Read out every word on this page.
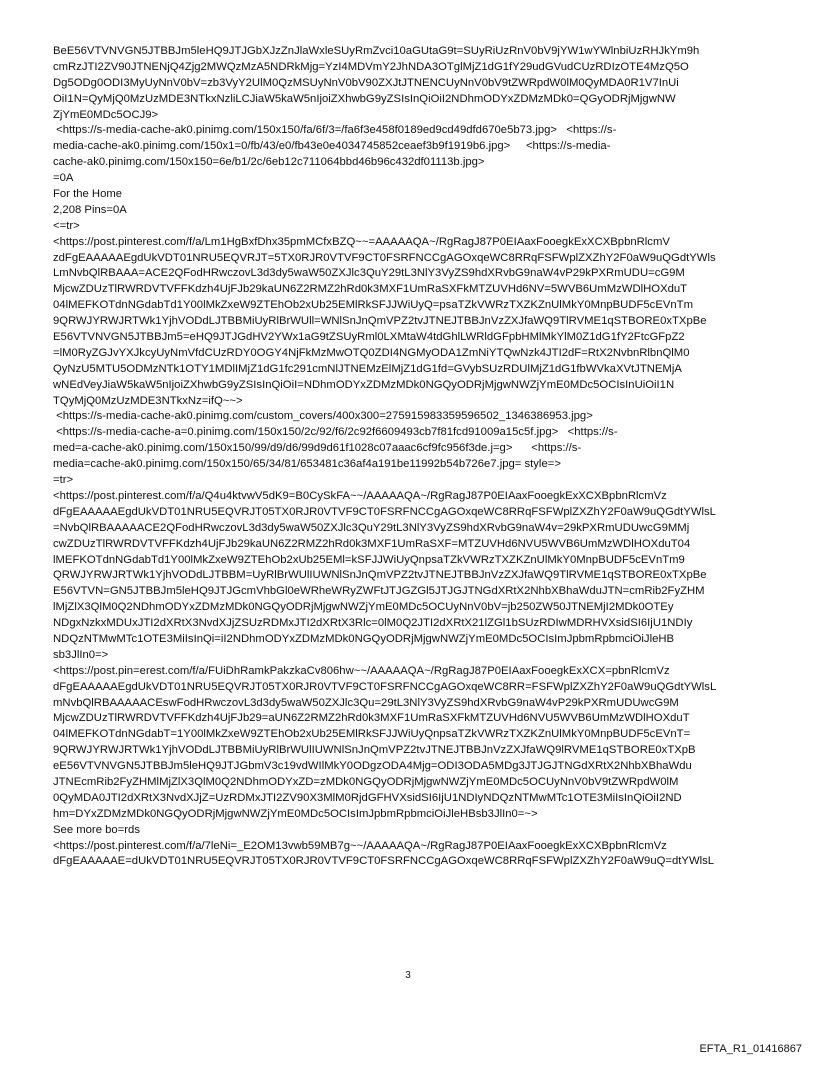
BeE56VTVNVGN5JTBBJm5leHQ9JTJGbXJzZnJlaWxleSUyRmZvci10aGUtaG9t=SUyRiUzRnV0bV9jYW1wYWlnbiUzRHJkYm9h
cmRzJTI2ZV90JTNENjQ4Zjg2MWQzMzA5NDRkMjg=YzI4MDVmY2JhNDA3OTglMjZ1dG1fY29udGVudCUzRDIzOTE4MzQ5O
Dg5ODg0ODI3MyUyNnV0bV=zb3VyY2UlM0QzMSUyNnV0bV90ZXJtJTNENCUyNnV0bV9tZWRpdW0lM0QyMDA0R1V7InUi
OiI1N=QyMjQ0MzUzMDE3NTkxNzliLCJiaW5kaW5nIjoiZXhwbG9yZSIsInQiOiI2NDhmODYxZDMzMDk0=QGyODRjMjgwNW
ZjYmE0MDc5OCJ9>
<https://s-media-cache-ak0.pinimg.com/150x150/fa/6f/3=/fa6f3e458f0189ed9cd49dfd670e5b73.jpg>   <https://s-
media-cache-ak0.pinimg.com/150x1=0/fb/43/e0/fb43e0e4034745852ceaef3b9f1919b6.jpg>     <https://s-media-
cache-ak0.pinimg.com/150x150=6e/b1/2c/6eb12c711064bbd46b96c432df01113b.jpg>
=0A
For the Home
2,208 Pins=0A
<=tr>
<https://post.pinterest.com/f/a/Lm1HgBxfDhx35pmMCfxBZQ~~=AAAAAQA~/RgRagJ87P0EIAaxFooegkExXCXBpbnRlcmV
zdFgEAAAAAEgdUkVDT01NRU5EQVRJT=5TX0RJR0VTVF9CT0FSRFNCCgAGOxqeWC8RRqFSFWplZXZhY2F0aW9uQGdtYWls
LmNvbQlRBAAA=ACE2QFodHRwczovL3d3dy5waW50ZXJlc3QuY29tL3NlY3VyZS9hdXRvbG9naW4vP29kPXRmUDU=cG9M
MjcwZDUzTlRWRDVTVFFKdzh4UjFJb29kaUN6Z2RMZ2hRd0k3MXF1UmRaSXFkMTZUVHd6NV=5WVB6UmMzWDlHOXduT
04lMEFKOTdnNGdabTd1Y00lMkZxeW9ZTEhOb2xUb25EMlRkSFJJWiUyQ=psaTZkVWRzTXZKZnUlMkY0MnpBUDF5cEVnTm
9QRWJYRWJRTWk1YjhVODdLJTBBMiUyRlBrWUll=WNlSnJnQmVPZ2tvJTNEJTBBJnVzZXJfaWQ9TlRVME1qSTBORE0xTXpBe
E56VTVNVGN5JTBBJm5=eHQ9JTJGdHV2YWx1aG9tZSUyRml0LXMtaW4tdGhlLWRldGFpbHMlMkYlM0Z1dG1fY2FtcGFpZ2
=lM0RyZGJvYXJkcyUyNmVfdCUzRDY0OGY4NjFkMzMwOTQ0ZDI4NGMyODA1ZmNiYTQwNzk4JTI2dF=RtX2NvbnRlbnQlM0
QyNzU5MTU5ODMzNTk1OTY1MDlIMjZ1dG1fc291cmNlJTNEMzElMjZ1dG1fd=GVybSUzRDUlMjZ1dG1fbWVkaXVtJTNEMjA
wNEdVeyJiaW5kaW5nIjoiZXhwbG9yZSIsInQiOiI=NDhmODYxZDMzMDk0NGQyODRjMjgwNWZjYmE0MDc5OCIsInUiOiI1N
TQyMjQ0MzUzMDE3NTkxNz=ifQ~~>
<https://s-media-cache-ak0.pinimg.com/custom_covers/400x300=275915983359596502_1346386953.jpg>
<https://s-media-cache-a=0.pinimg.com/150x150/2c/92/f6/2c92f6609493cb7f81fcd91009a15c5f.jpg>   <https://s-
med=a-cache-ak0.pinimg.com/150x150/99/d9/d6/99d9d61f1028c07aaac6cf9fc956f3de.j=g>      <https://s-
media=cache-ak0.pinimg.com/150x150/65/34/81/653481c36af4a191be11992b54b726e7.jpg= style=>
=tr>
<https://post.pinterest.com/f/a/Q4u4ktvwV5dK9=B0CySkFA~~/AAAAAQA~/RgRagJ87P0EIAaxFooegkExXCXBpbnRlcmVz
dFgEAAAAAEgdUkVDT01NRU5EQVRJT05TX0RJR0VTVF9CT0FSRFNCCgAGOxqeWC8RRqFSFWplZXZhY2F0aW9uQGdtYWlsL
=NvbQlRBAAAAACE2QFodHRwczovL3d3dy5waW50ZXJlc3QuY29tL3NlY3VyZS9hdXRvbG9naW4v=29kPXRmUDUwcG9MMj
cwZDUzTlRWRDVTVFFKdzh4UjFJb29kaUN6Z2RMZ2hRd0k3MXF1UmRaSXF=MTZUVHd6NVU5WVB6UmMzWDlHOXduT04
lMEFKOTdnNGdabTd1Y00lMkZxeW9ZTEhOb2xUb25EMl=kSFJJWiUyQnpsaTZkVWRzTXZKZnUlMkY0MnpBUDF5cEVnTm9
QRWJYRWJRTWk1YjhVODdLJTBBM=UyRlBrWUlIUWNlSnJnQmVPZ2tvJTNEJTBBJnVzZXJfaWQ9TlRVME1qSTBORE0xTXpBe
E56VTVN=GN5JTBBJm5leHQ9JTJGcmVhbGl0eWRheWRyZWFtJTJGZGl5JTJGJTNGdXRtX2NhbXBhaWduJTN=cmRib2FyZHM
lMjZlX3QlM0Q2NDhmODYxZDMzMDk0NGQyODRjMjgwNWZjYmE0MDc5OCUyNnV0bV=jb250ZW50JTNEMjI2MDk0OTEy
NDgxNzkxMDUxJTI2dXRtX3NvdXJjZSUzRDMxJTI2dXRtX3Rlc=0lM0Q2JTI2dXRtX21lZGl1bSUzRDIwMDRHVXsidSI6IjU1NDIy
NDQzNTMwMTc1OTE3MiIsInQi=iI2NDhmODYxZDMzMDk0NGQyODRjMjgwNWZjYmE0MDc5OCIsImJpbmRpbmciOiJleHB
sb3JlIn0=>
<https://post.pin=erest.com/f/a/FUiDhRamkPakzkaCv806hw~~/AAAAAQA~/RgRagJ87P0EIAaxFooegkExXCX=pbnRlcmVz
dFgEAAAAAEgdUkVDT01NRU5EQVRJT05TX0RJR0VTVF9CT0FSRFNCCgAGOxqeWC8RR=FSFWplZXZhY2F0aW9uQGdtYWlsL
mNvbQlRBAAAAACEswFodHRwczovL3d3dy5waW50ZXJlc3Qu=29tL3NlY3VyZS9hdXRvbG9naW4vP29kPXRmUDUwcG9M
MjcwZDUzTlRWRDVTVFFKdzh4UjFJb29=aUN6Z2RMZ2hRd0k3MXF1UmRaSXFkMTZUVHd6NVU5WVB6UmMzWDlHOXduT
04lMEFKOTdnNGdabT=1Y00lMkZxeW9ZTEhOb2xUb25EMlRkSFJJWiUyQnpsaTZkVWRzTXZKZnUlMkY0MnpBUDF5cEVnT=
9QRWJYRWJRTWk1YjhVODdLJTBBMiUyRlBrWUlIUWNlSnJnQmVPZ2tvJTNEJTBBJnVzZXJfaWQ9lRVME1qSTBORE0xTXpB
eE56VTVNVGN5JTBBJm5leHQ9JTJGbmV3c19vdWIlMkY0ODgzODA4Mjg=ODI3ODA5MDg3JTJGJTNGdXRtX2NhbXBhaWdu
JTNEcmRib2FyZHMlMjZlX3QlM0Q2NDhmODYxZD=zMDk0NGQyODRjMjgwNWZjYmE0MDc5OCUyNnV0bV9tZWRpdW0lM
0QyMDA0JTI2dXRtX3NvdXJjZ=UzRDMxJTI2ZV90X3MlM0RjdGFHVXsidSI6IjU1NDIyNDQzNTMwMTc1OTE3MiIsInQiOiI2ND
hm=DYxZDMzMDk0NGQyODRjMjgwNWZjYmE0MDc5OCIsImJpbmRpbmciOiJleHBsb3JlIn0=~>
See more bo=rds
<https://post.pinterest.com/f/a/7leNi=_E2OM13vwb59MB7g~~/AAAAAQA~/RgRagJ87P0EIAaxFooegkExXCXBpbnRlcmVz
dFgEAAAAAE=dUkVDT01NRU5EQVRJT05TX0RJR0VTVF9CT0FSRFNCCgAGOxqeWC8RRqFSFWplZXZhY2F0aW9uQ=dtYWlsL
3
EFTA_R1_01416867
